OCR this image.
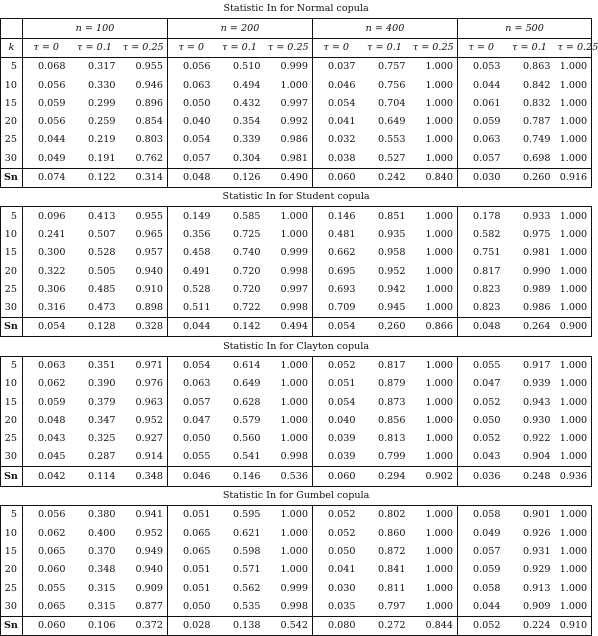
Statistic In for Normal copula												
	n = 100			n = 200			n = 400			n = 500		
k	τ = 0	τ = 0.1	τ = 0.25	τ = 0	τ = 0.1	τ = 0.25	τ = 0	τ = 0.1	τ = 0.25	τ = 0	τ = 0.1	τ = 0.25
5	0.068	0.317	0.955	0.056	0.510	0.999	0.037	0.757	1.000	0.053	0.863	1.000
10	0.056	0.330	0.946	0.063	0.494	1.000	0.046	0.756	1.000	0.044	0.842	1.000
15	0.059	0.299	0.896	0.050	0.432	0.997	0.054	0.704	1.000	0.061	0.832	1.000
20	0.056	0.259	0.854	0.040	0.354	0.992	0.041	0.649	1.000	0.059	0.787	1.000
25	0.044	0.219	0.803	0.054	0.339	0.986	0.032	0.553	1.000	0.063	0.749	1.000
30	0.049	0.191	0.762	0.057	0.304	0.981	0.038	0.527	1.000	0.057	0.698	1.000
Sn	0.074	0.122	0.314	0.048	0.126	0.490	0.060	0.242	0.840	0.030	0.260	0.916
Statistic In for Student copula												
5	0.096	0.413	0.955	0.149	0.585	1.000	0.146	0.851	1.000	0.178	0.933	1.000
10	0.241	0.507	0.965	0.356	0.725	1.000	0.481	0.935	1.000	0.582	0.975	1.000
15	0.300	0.528	0.957	0.458	0.740	0.999	0.662	0.958	1.000	0.751	0.981	1.000
20	0.322	0.505	0.940	0.491	0.720	0.998	0.695	0.952	1.000	0.817	0.990	1.000
25	0.306	0.485	0.910	0.528	0.720	0.997	0.693	0.942	1.000	0.823	0.989	1.000
30	0.316	0.473	0.898	0.511	0.722	0.998	0.709	0.945	1.000	0.823	0.986	1.000
Sn	0.054	0.128	0.328	0.044	0.142	0.494	0.054	0.260	0.866	0.048	0.264	0.900
Statistic In for Clayton copula												
5	0.063	0.351	0.971	0.054	0.614	1.000	0.052	0.817	1.000	0.055	0.917	1.000
10	0.062	0.390	0.976	0.063	0.649	1.000	0.051	0.879	1.000	0.047	0.939	1.000
15	0.059	0.379	0.963	0.057	0.628	1.000	0.054	0.873	1.000	0.052	0.943	1.000
20	0.048	0.347	0.952	0.047	0.579	1.000	0.040	0.856	1.000	0.050	0.930	1.000
25	0.043	0.325	0.927	0.050	0.560	1.000	0.039	0.813	1.000	0.052	0.922	1.000
30	0.045	0.287	0.914	0.055	0.541	0.998	0.039	0.799	1.000	0.043	0.904	1.000
Sn	0.042	0.114	0.348	0.046	0.146	0.536	0.060	0.294	0.902	0.036	0.248	0.936
Statistic In for Gumbel copula												
5	0.056	0.380	0.941	0.051	0.595	1.000	0.052	0.802	1.000	0.058	0.901	1.000
10	0.062	0.400	0.952	0.065	0.621	1.000	0.052	0.860	1.000	0.049	0.926	1.000
15	0.065	0.370	0.949	0.065	0.598	1.000	0.050	0.872	1.000	0.057	0.931	1.000
20	0.060	0.348	0.940	0.051	0.571	1.000	0.041	0.841	1.000	0.059	0.929	1.000
25	0.055	0.315	0.909	0.051	0.562	0.999	0.030	0.811	1.000	0.058	0.913	1.000
30	0.065	0.315	0.877	0.050	0.535	0.998	0.035	0.797	1.000	0.044	0.909	1.000
Sn	0.060	0.106	0.372	0.028	0.138	0.542	0.080	0.272	0.844	0.052	0.224	0.910
